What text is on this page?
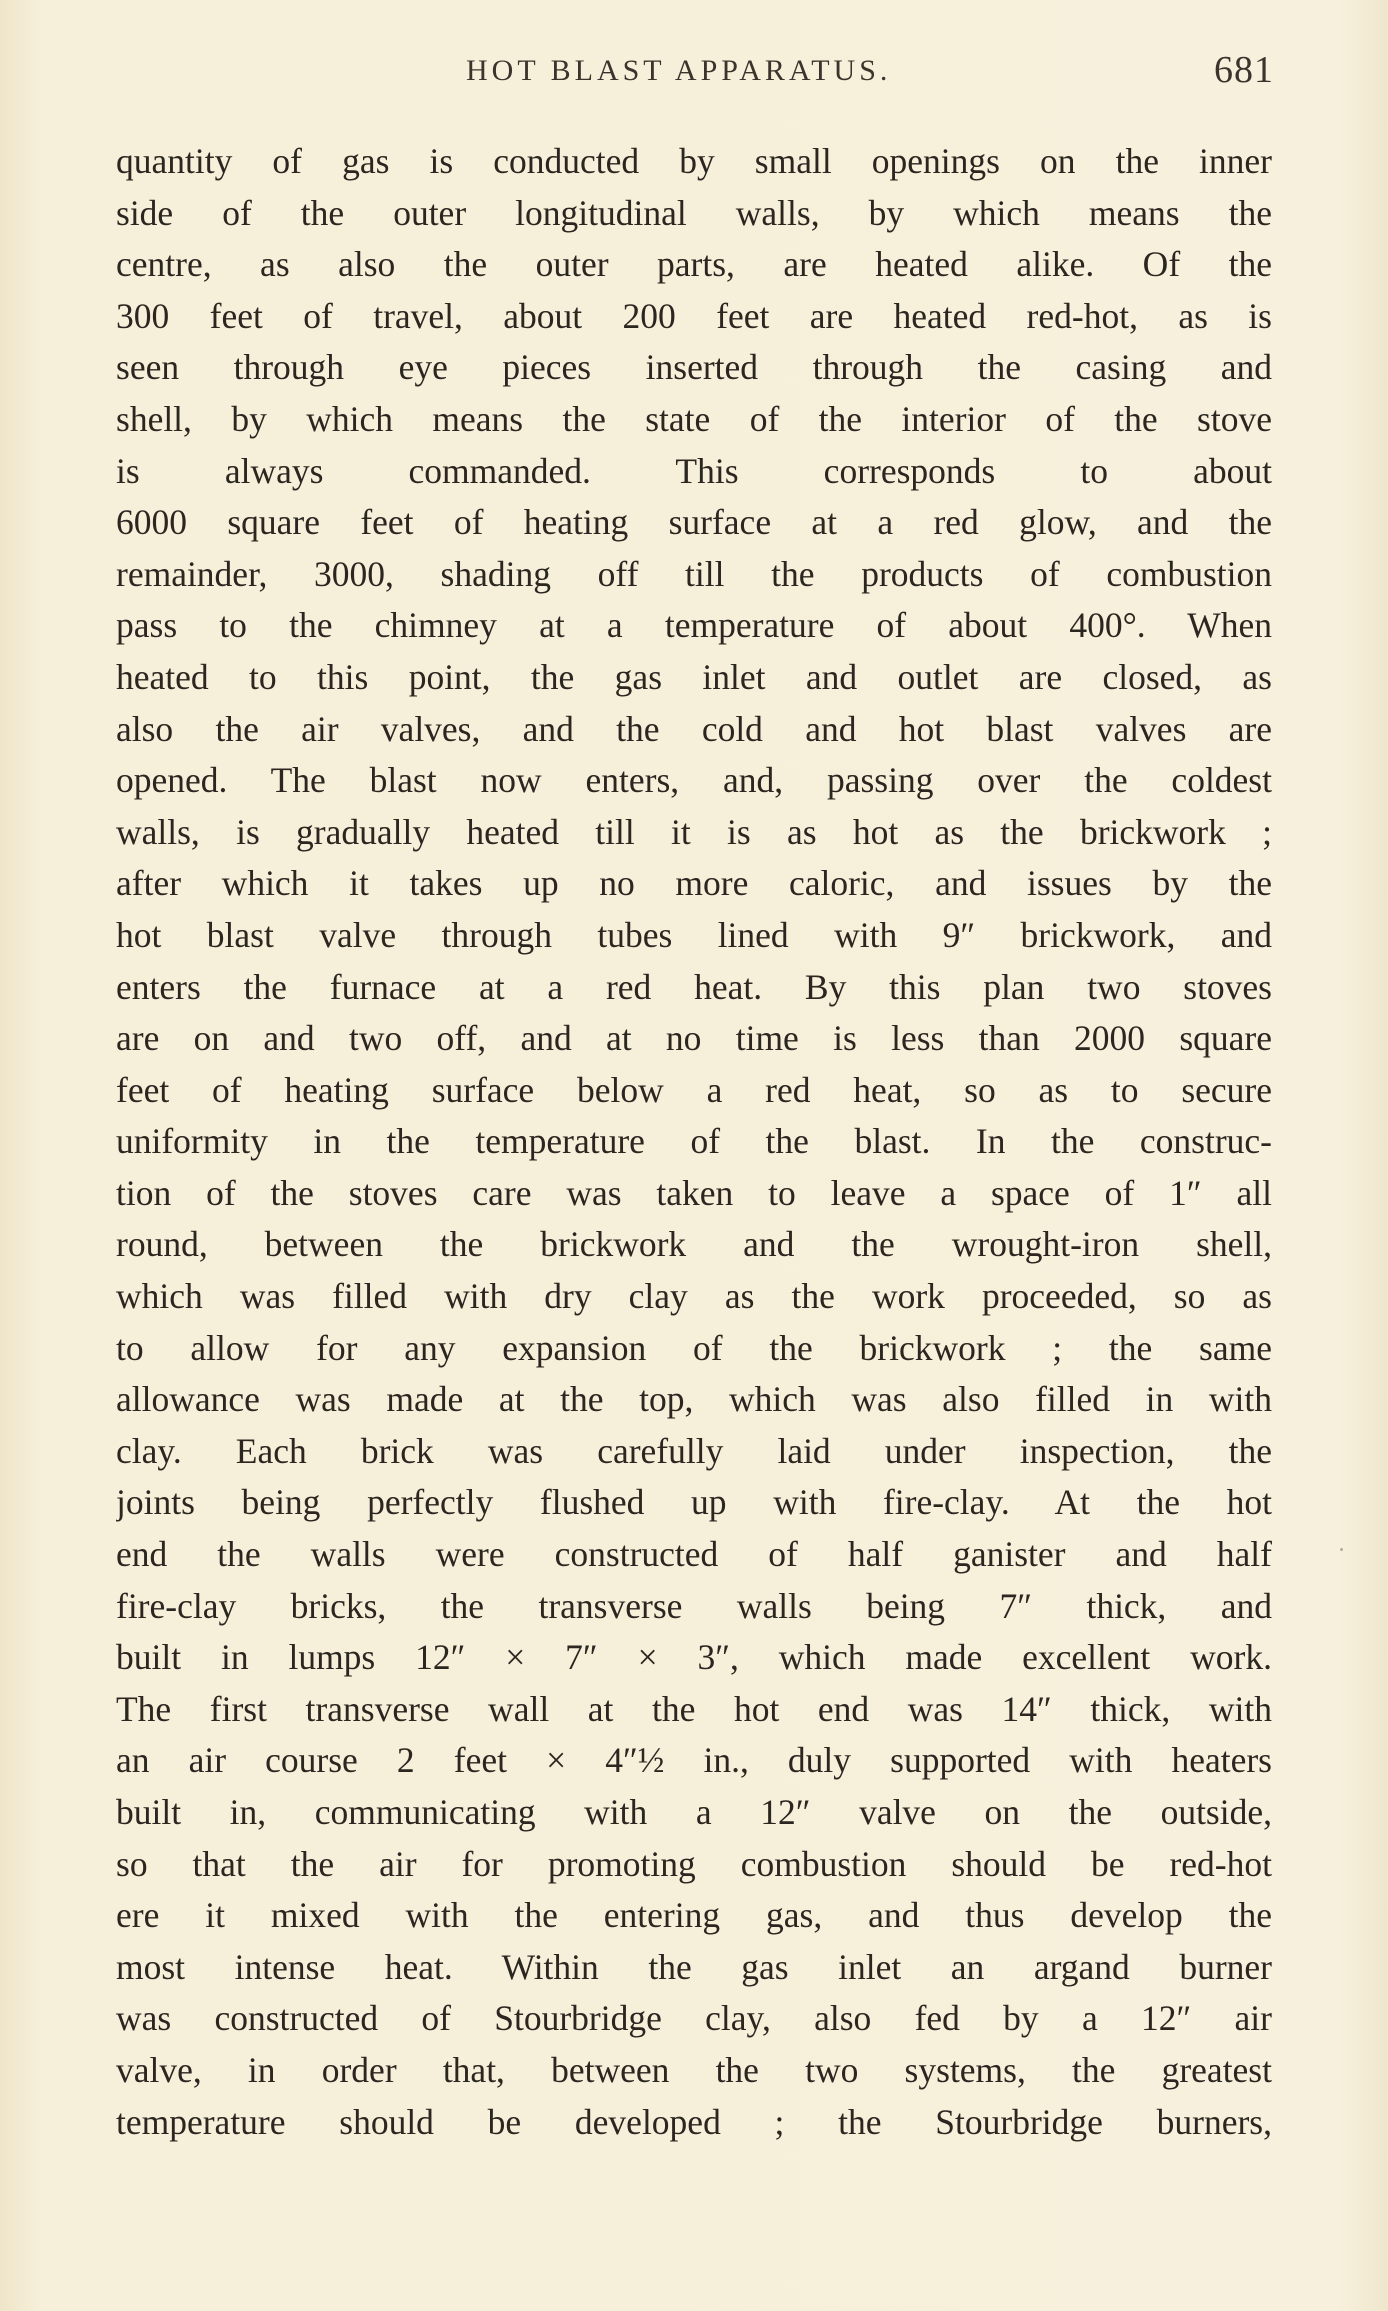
HOT BLAST APPARATUS.	681
quantity of gas is conducted by small openings on the inner
side of the outer longitudinal walls, by which means the
centre, as also the outer parts, are heated alike. Of the
300 feet of travel, about 200 feet are heated red-hot, as is
seen through eye pieces inserted through the casing and
shell, by which means the state of the interior of the stove
is always commanded. This corresponds to about
6000 square feet of heating surface at a red glow, and the
remainder, 3000, shading off till the products of combustion
pass to the chimney at a temperature of about 400°. When
heated to this point, the gas inlet and outlet are closed, as
also the air valves, and the cold and hot blast valves are
opened. The blast now enters, and, passing over the coldest
walls, is gradually heated till it is as hot as the brickwork ;
after which it takes up no more caloric, and issues by the
hot blast valve through tubes lined with 9″ brickwork, and
enters the furnace at a red heat. By this plan two stoves
are on and two off, and at no time is less than 2000 square
feet of heating surface below a red heat, so as to secure
uniformity in the temperature of the blast. In the construc-
tion of the stoves care was taken to leave a space of 1″ all
round, between the brickwork and the wrought-iron shell,
which was filled with dry clay as the work proceeded, so as
to allow for any expansion of the brickwork ; the same
allowance was made at the top, which was also filled in with
clay. Each brick was carefully laid under inspection, the
joints being perfectly flushed up with fire-clay. At the hot
end the walls were constructed of half ganister and half
fire-clay bricks, the transverse walls being 7″ thick, and
built in lumps 12″ × 7″ × 3″, which made excellent work.
The first transverse wall at the hot end was 14″ thick, with
an air course 2 feet × 4″½ in., duly supported with heaters
built in, communicating with a 12″ valve on the outside,
so that the air for promoting combustion should be red-hot
ere it mixed with the entering gas, and thus develop the
most intense heat. Within the gas inlet an argand burner
was constructed of Stourbridge clay, also fed by a 12″ air
valve, in order that, between the two systems, the greatest
temperature should be developed ; the Stourbridge burners,
